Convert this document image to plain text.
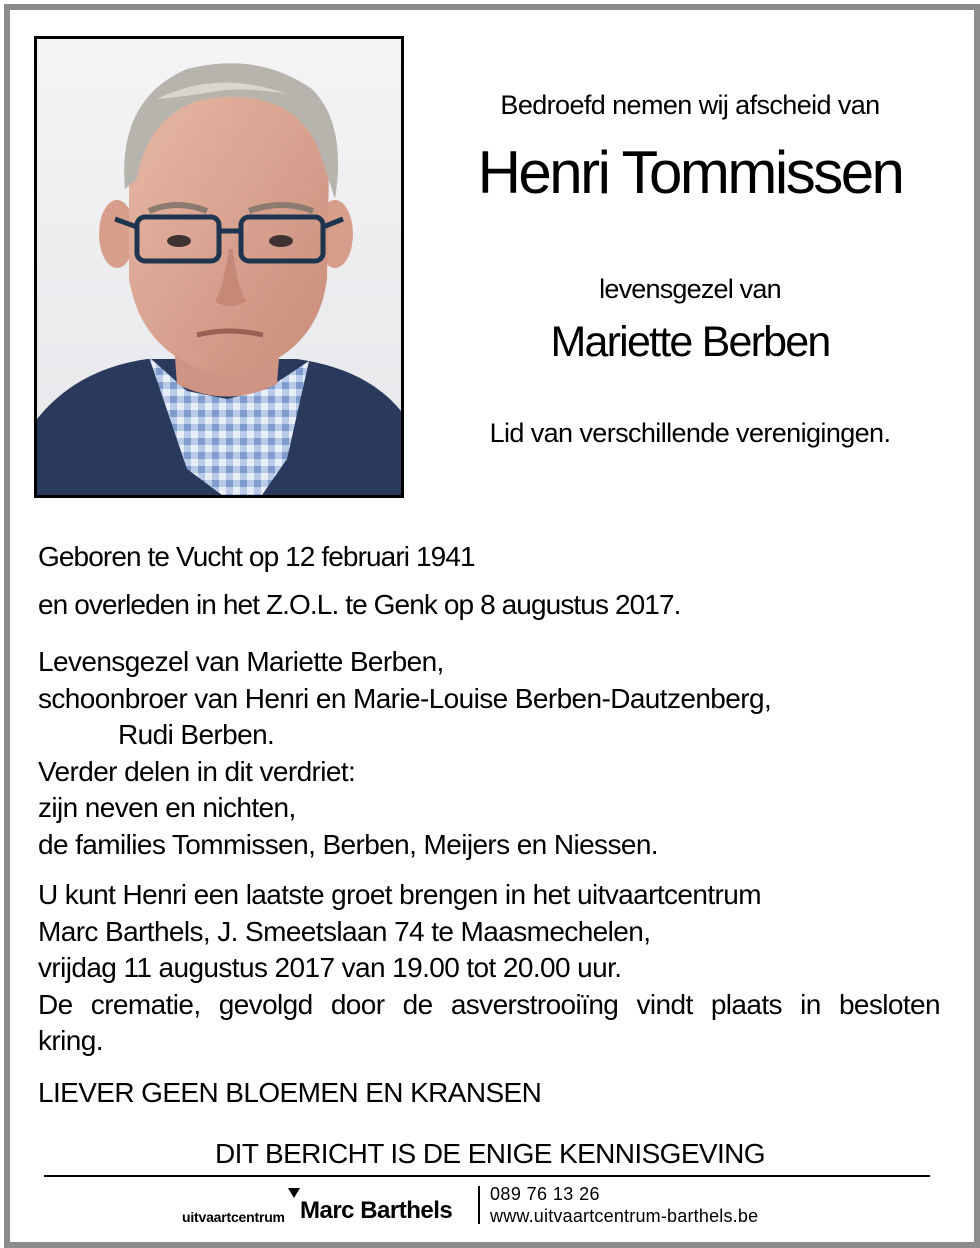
Bedroefd nemen wij afscheid van
Henri Tommissen
levensgezel van
Mariette Berben
Lid van verschillende verenigingen.
Geboren te Vucht op 12 februari 1941
en overleden in het Z.O.L. te Genk op 8 augustus 2017.
Levensgezel van Mariette Berben,
schoonbroer van Henri en Marie-Louise Berben-Dautzenberg,
Rudi Berben.
Verder delen in dit verdriet:
zijn neven en nichten,
de families Tommissen, Berben, Meijers en Niessen.
U kunt Henri een laatste groet brengen in het uitvaartcentrum
Marc Barthels, J. Smeetslaan 74 te Maasmechelen,
vrijdag 11 augustus 2017 van 19.00 tot 20.00 uur.
De crematie, gevolgd door de asverstrooiïng vindt plaats in besloten
kring.
LIEVER GEEN BLOEMEN EN KRANSEN
DIT BERICHT IS DE ENIGE KENNISGEVING
uitvaartcentrum Marc Barthels
089 76 13 26
www.uitvaartcentrum-barthels.be
